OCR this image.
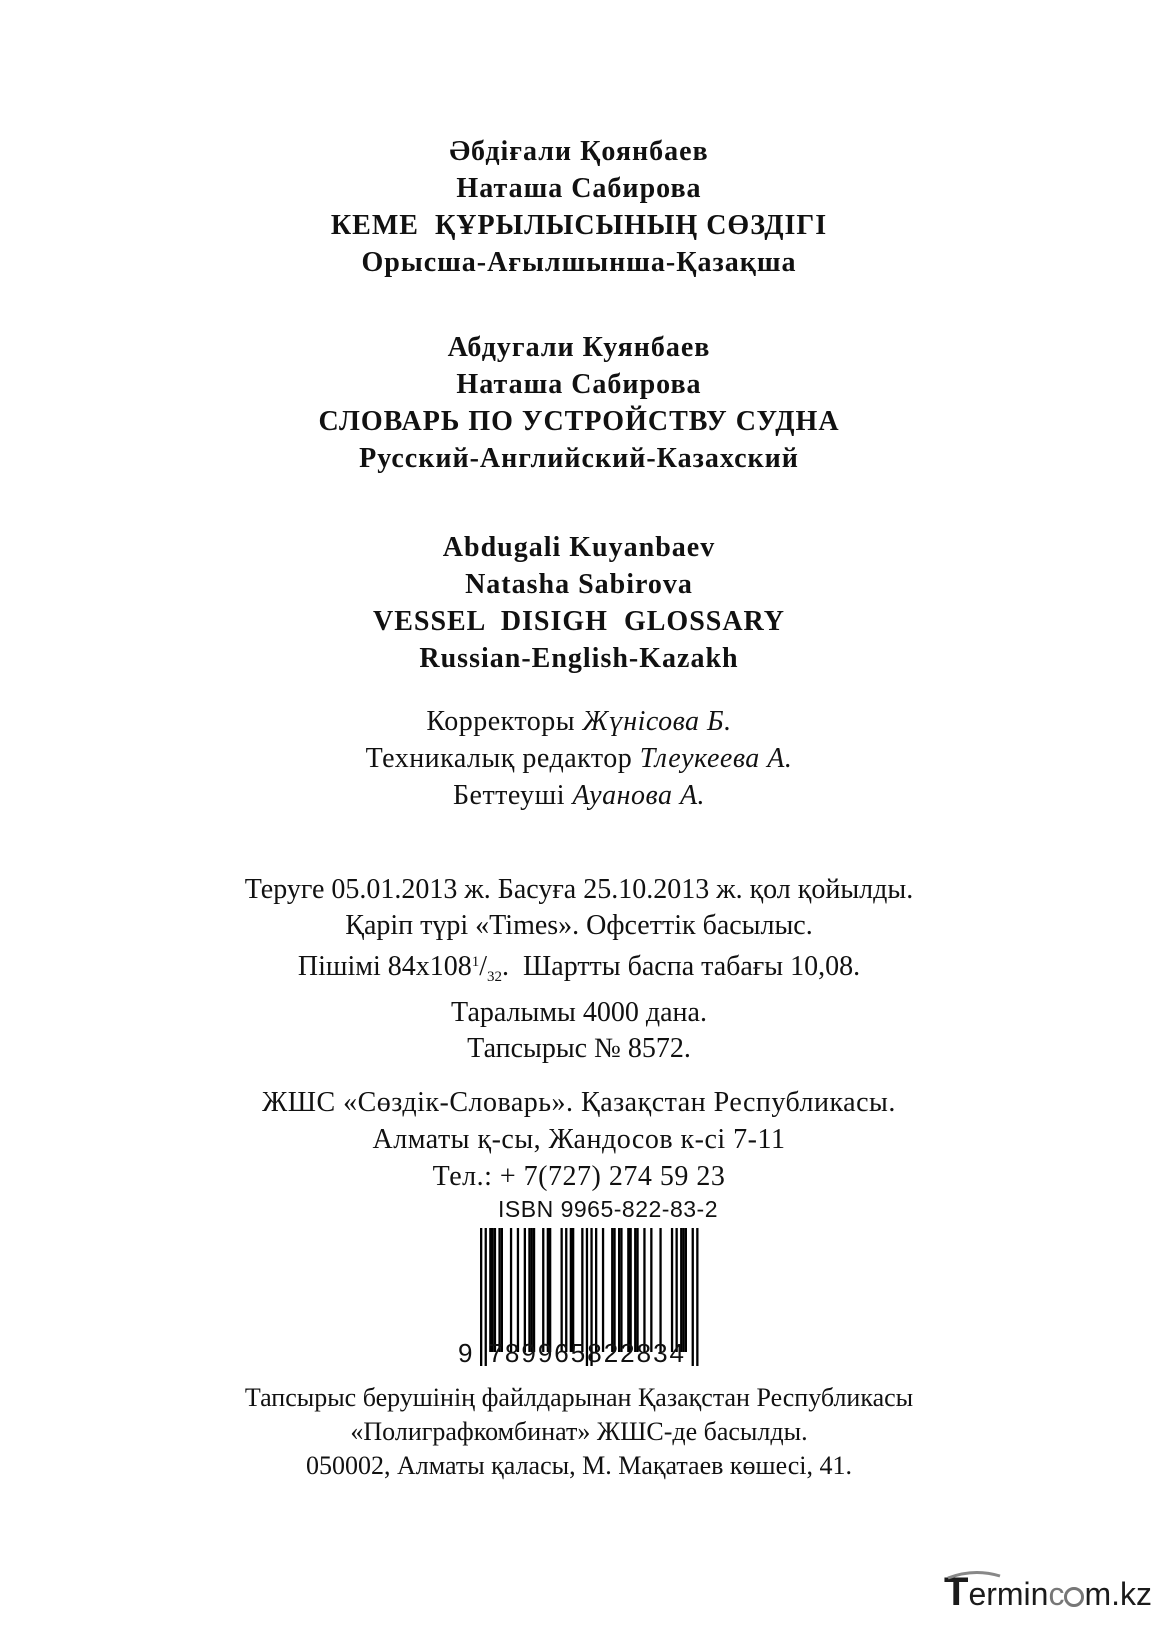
Әбдіғали Қоянбаев
Наташа Сабирова
КЕМЕ  ҚҰРЫЛЫСЫНЫҢ СӨЗДІГІ
Орысша-Ағылшынша-Қазақша
Абдугали Куянбаев
Наташа Сабирова
СЛОВАРЬ ПО УСТРОЙСТВУ СУДНА
Русский-Английский-Казахский
Abdugali Kuyanbaev
Natasha Sabirova
VESSEL  DISIGH  GLOSSARY
Russian-English-Kazakh
Корректоры Жүнісова Б.
Техникалық редактор Тлеукеева А.
Беттеуші Ауанова А.
Теруге 05.01.2013 ж. Басуға 25.10.2013 ж. қол қойылды.
Қаріп түрі «Times». Офсеттік басылыс.
Пішімі $84х108^1/_{32}$.  Шартты баспа табағы 10,08.
Таралымы 4000 дана.
Тапсырыс № 8572.
ЖШС «Сөздік-Словарь». Қазақстан Республикасы.
Алматы қ-сы, Жандосов к-сі 7-11
Тел.: + 7(727) 274 59 23
ISBN 9965-822-83-2
9 789965822834
Тапсырыс берушінің файлдарынан Қазақстан Республикасы
«Полиграфкомбинат» ЖШС-де басылды.
050002, Алматы қаласы, М. Мақатаев көшесі, 41.
Terminc m.kz
